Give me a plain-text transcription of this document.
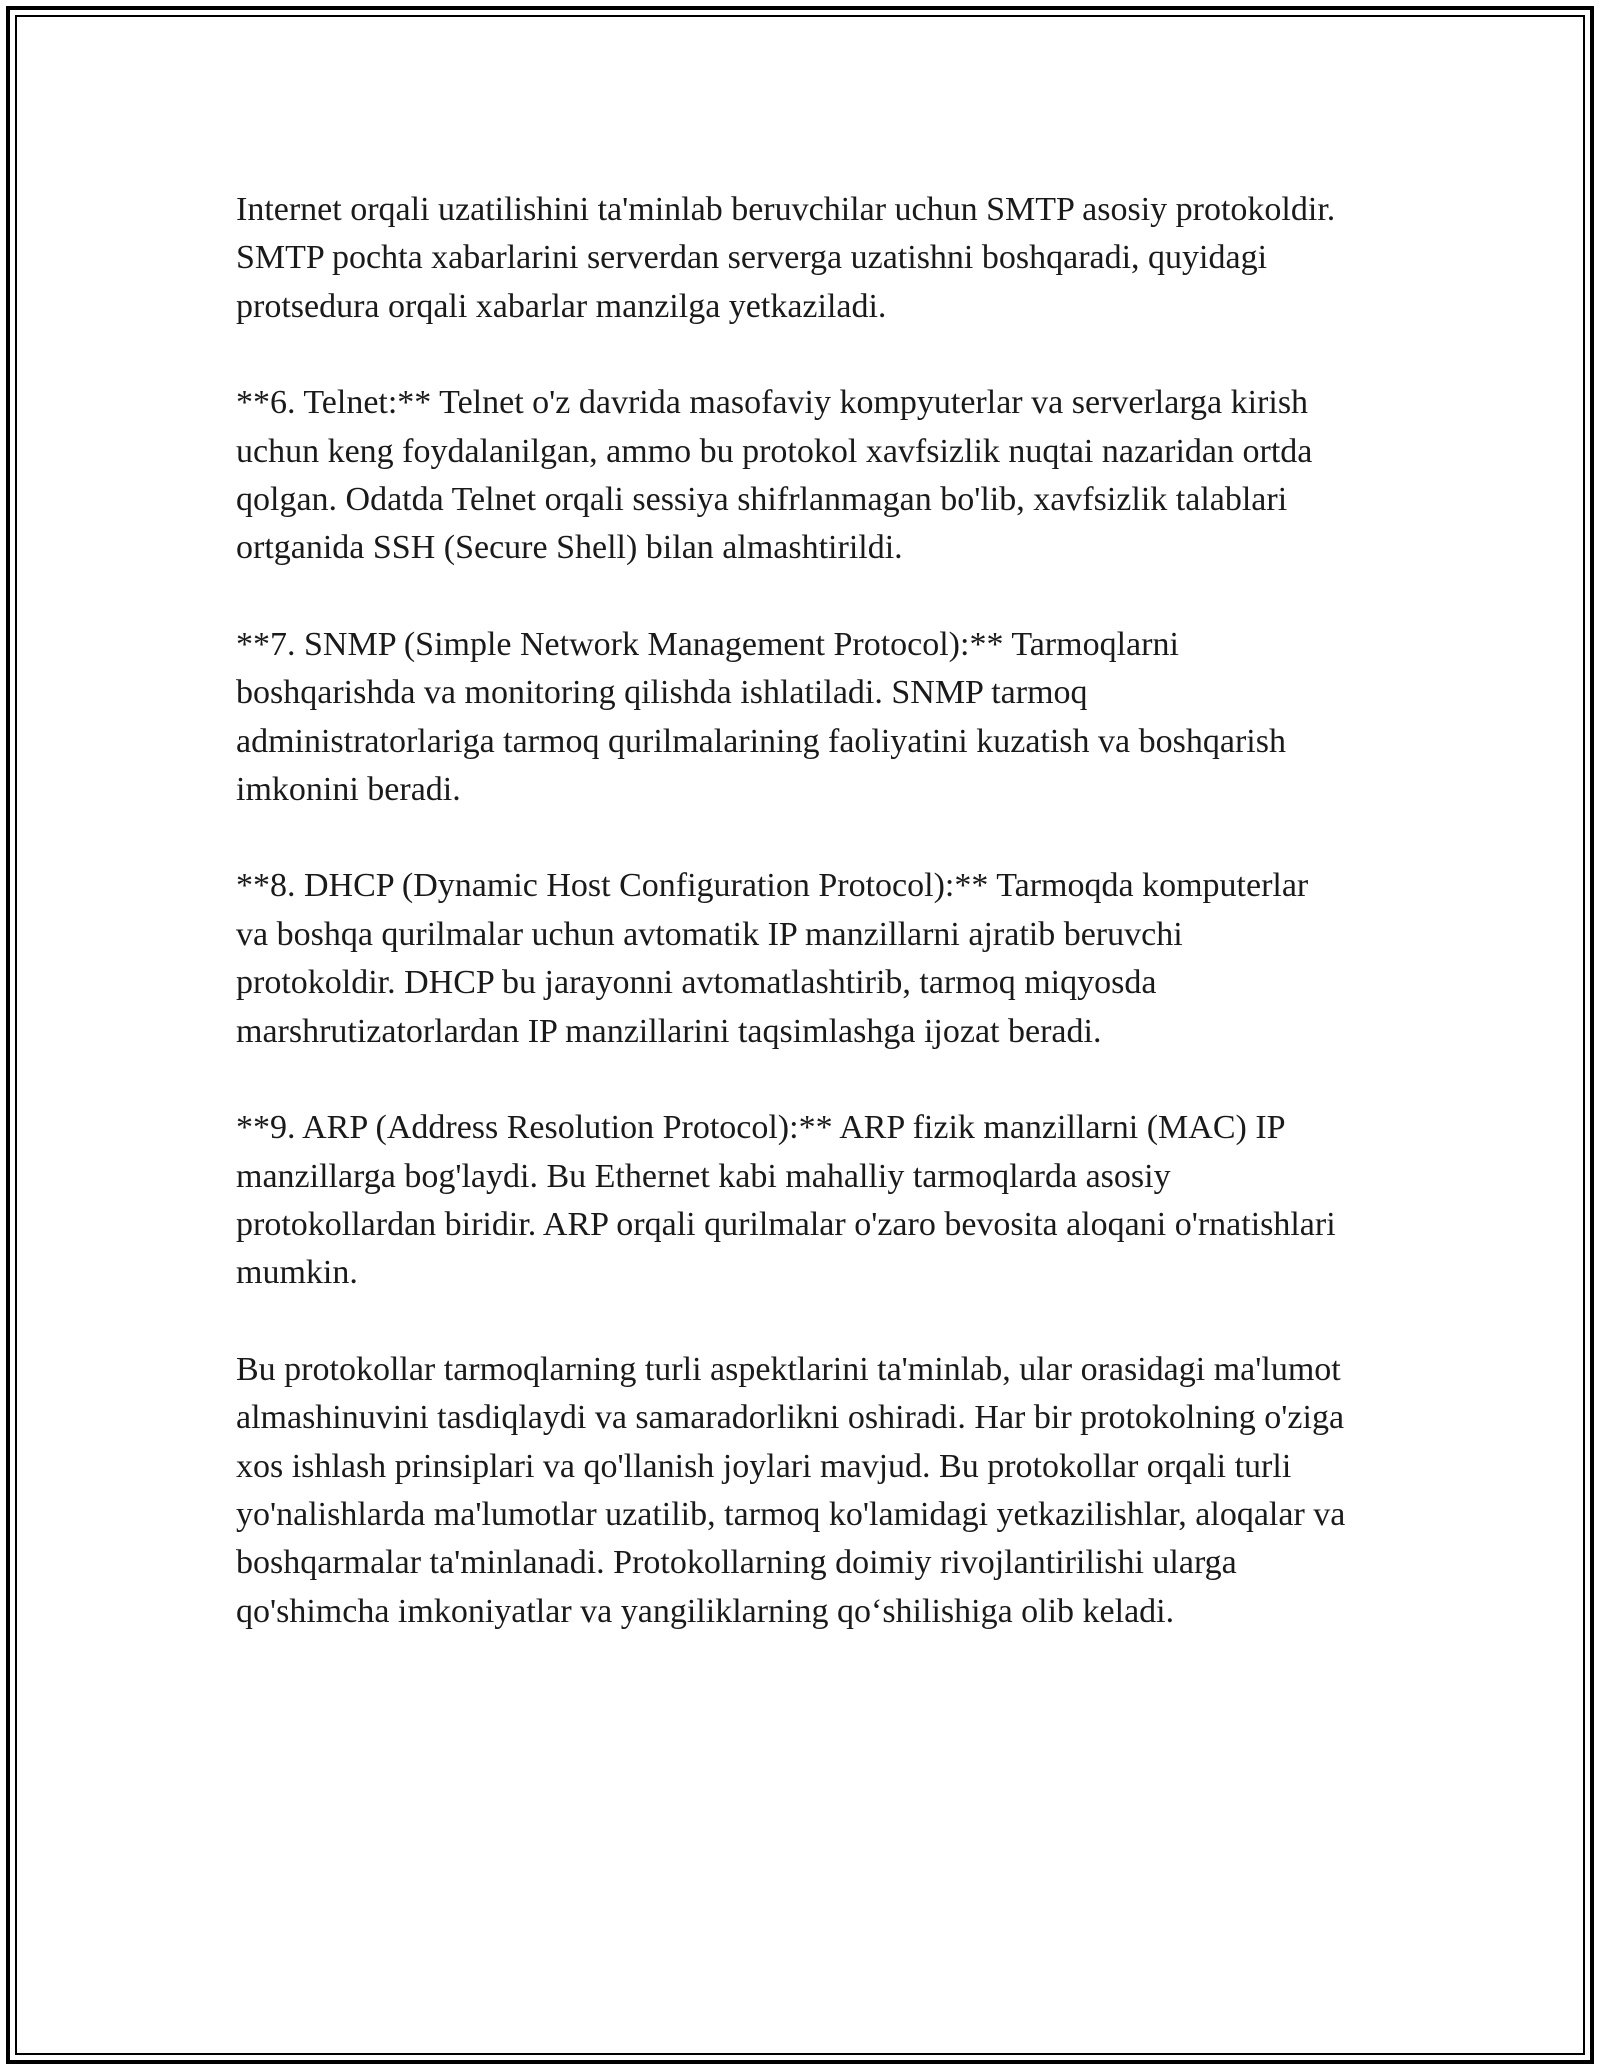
Internet orqali uzatilishini ta'minlab beruvchilar uchun SMTP asosiy protokoldir. SMTP pochta xabarlarini serverdan serverga uzatishni boshqaradi, quyidagi protsedura orqali xabarlar manzilga yetkaziladi.

**6. Telnet:** Telnet o'z davrida masofaviy kompyuterlar va serverlarga kirish uchun keng foydalanilgan, ammo bu protokol xavfsizlik nuqtai nazaridan ortda qolgan. Odatda Telnet orqali sessiya shifrlanmagan bo'lib, xavfsizlik talablari ortganida SSH (Secure Shell) bilan almashtirildi.

**7. SNMP (Simple Network Management Protocol):** Tarmoqlarni boshqarishda va monitoring qilishda ishlatiladi. SNMP tarmoq administratorlariga tarmoq qurilmalarining faoliyatini kuzatish va boshqarish imkonini beradi.

**8. DHCP (Dynamic Host Configuration Protocol):** Tarmoqda komputerlar va boshqa qurilmalar uchun avtomatik IP manzillarni ajratib beruvchi protokoldir. DHCP bu jarayonni avtomatlashtirib, tarmoq miqyosda marshrutizatorlardan IP manzillarini taqsimlashga ijozat beradi.

**9. ARP (Address Resolution Protocol):** ARP fizik manzillarni (MAC) IP manzillarga bog'laydi. Bu Ethernet kabi mahalliy tarmoqlarda asosiy protokollardan biridir. ARP orqali qurilmalar o'zaro bevosita aloqani o'rnatishlari mumkin.

Bu protokollar tarmoqlarning turli aspektlarini ta'minlab, ular orasidagi ma'lumot almashinuvini tasdiqlaydi va samaradorlikni oshiradi. Har bir protokolning o'ziga xos ishlash prinsiplari va qo'llanish joylari mavjud. Bu protokollar orqali turli yo'nalishlarda ma'lumotlar uzatilib, tarmoq ko'lamidagi yetkazilishlar, aloqalar va boshqarmalar ta'minlanadi. Protokollarning doimiy rivojlantirilishi ularga qo'shimcha imkoniyatlar va yangiliklarning qo‘shilishiga olib keladi.
